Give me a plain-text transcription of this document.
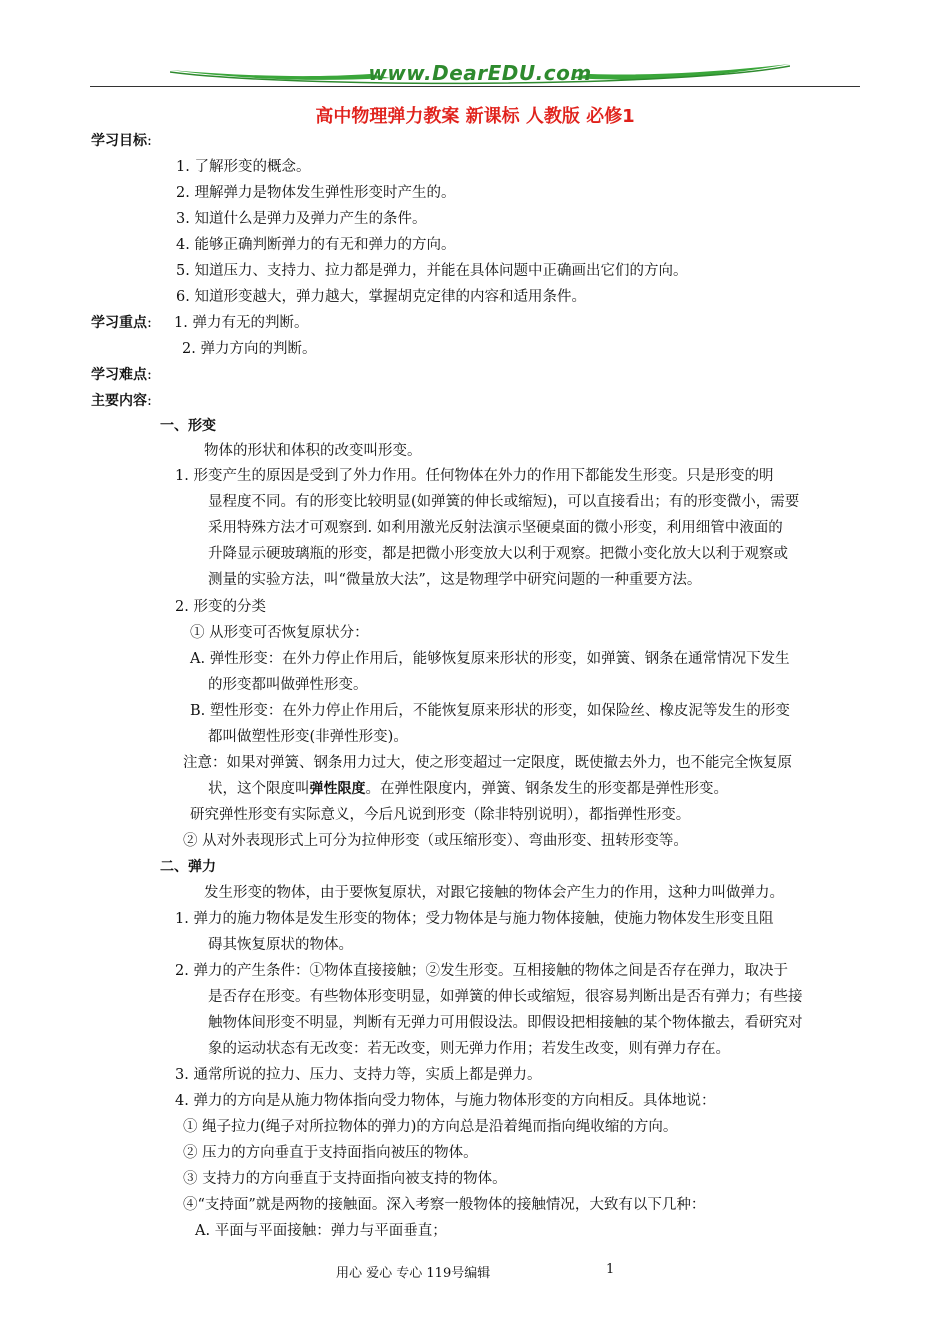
www.DearEDU.com
高中物理弹力教案 新课标 人教版 必修1
学习目标:
1. 了解形变的概念。
2. 理解弹力是物体发生弹性形变时产生的。
3. 知道什么是弹力及弹力产生的条件。
4. 能够正确判断弹力的有无和弹力的方向。
5. 知道压力、支持力、拉力都是弹力，并能在具体问题中正确画出它们的方向。
6. 知道形变越大，弹力越大，掌握胡克定律的内容和适用条件。
学习重点: 1. 弹力有无的判断。
2. 弹力方向的判断。
学习难点:
主要内容:
一、形变
物体的形状和体积的改变叫形变。
1. 形变产生的原因是受到了外力作用。任何物体在外力的作用下都能发生形变。只是形变的明
显程度不同。有的形变比较明显(如弹簧的伸长或缩短)，可以直接看出；有的形变微小，需要
采用特殊方法才可观察到. 如利用激光反射法演示坚硬桌面的微小形变，利用细管中液面的
升降显示硬玻璃瓶的形变，都是把微小形变放大以利于观察。把微小变化放大以利于观察或
测量的实验方法，叫“微量放大法”，这是物理学中研究问题的一种重要方法。
2. 形变的分类
① 从形变可否恢复原状分：
A. 弹性形变：在外力停止作用后，能够恢复原来形状的形变，如弹簧、钢条在通常情况下发生
的形变都叫做弹性形变。
B. 塑性形变：在外力停止作用后，不能恢复原来形状的形变，如保险丝、橡皮泥等发生的形变
都叫做塑性形变(非弹性形变)。
注意：如果对弹簧、钢条用力过大，使之形变超过一定限度，既使撤去外力，也不能完全恢复原
状，这个限度叫弹性限度。在弹性限度内，弹簧、钢条发生的形变都是弹性形变。
研究弹性形变有实际意义，今后凡说到形变（除非特别说明），都指弹性形变。
② 从对外表现形式上可分为拉伸形变（或压缩形变）、弯曲形变、扭转形变等。
二、弹力
发生形变的物体，由于要恢复原状，对跟它接触的物体会产生力的作用，这种力叫做弹力。
1. 弹力的施力物体是发生形变的物体；受力物体是与施力物体接触，使施力物体发生形变且阻
碍其恢复原状的物体。
2. 弹力的产生条件：①物体直接接触；②发生形变。互相接触的物体之间是否存在弹力，取决于
是否存在形变。有些物体形变明显，如弹簧的伸长或缩短，很容易判断出是否有弹力；有些接
触物体间形变不明显，判断有无弹力可用假设法。即假设把相接触的某个物体撤去，看研究对
象的运动状态有无改变：若无改变，则无弹力作用；若发生改变，则有弹力存在。
3. 通常所说的拉力、压力、支持力等，实质上都是弹力。
4. 弹力的方向是从施力物体指向受力物体，与施力物体形变的方向相反。具体地说：
① 绳子拉力(绳子对所拉物体的弹力)的方向总是沿着绳而指向绳收缩的方向。
② 压力的方向垂直于支持面指向被压的物体。
③ 支持力的方向垂直于支持面指向被支持的物体。
④“支持面”就是两物的接触面。深入考察一般物体的接触情况，大致有以下几种：
A. 平面与平面接触：弹力与平面垂直；
用心 爱心 专心 119号编辑	1
